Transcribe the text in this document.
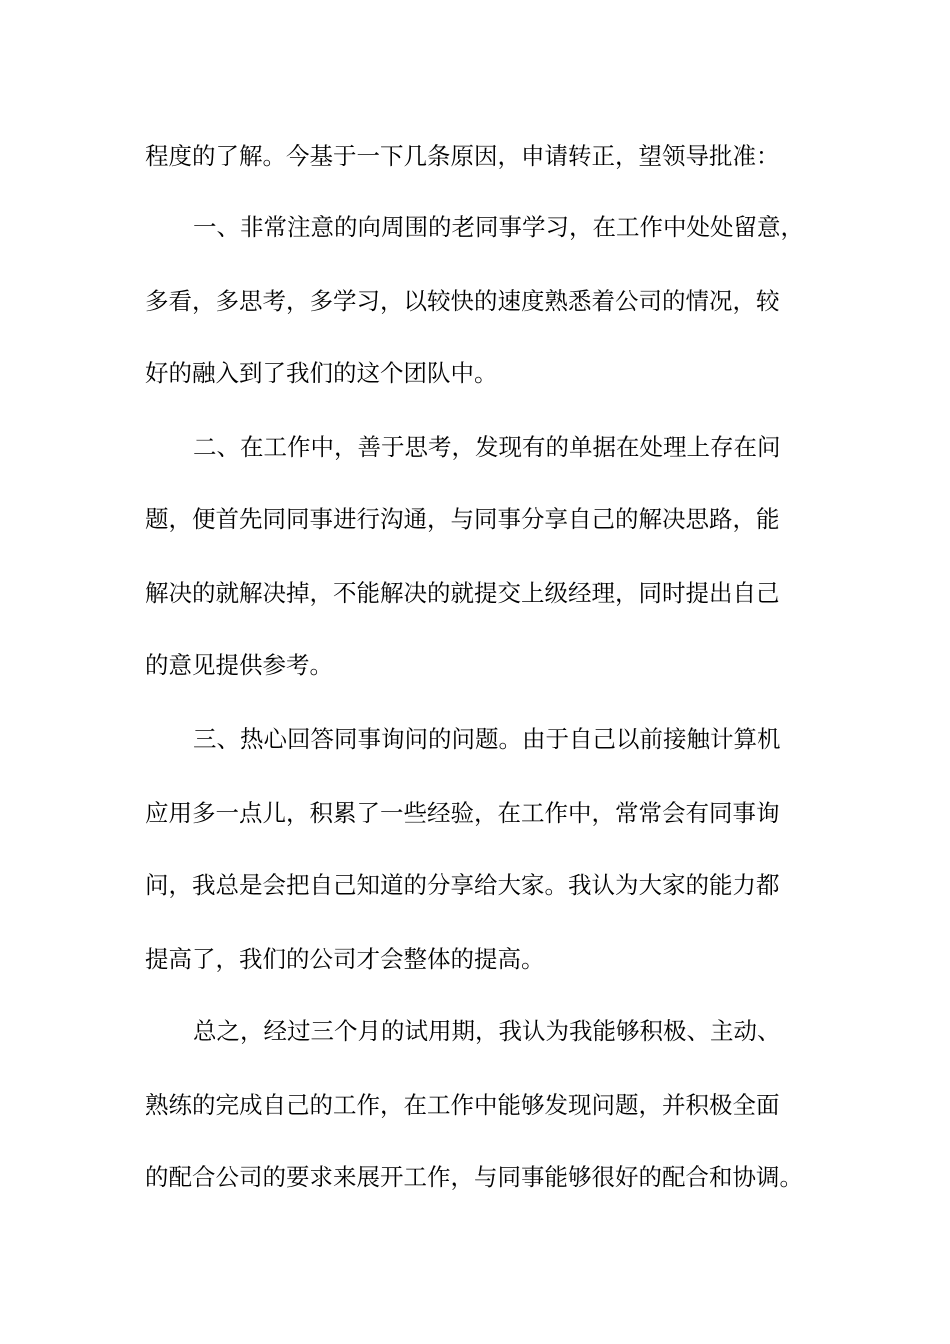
程度的了解。今基于一下几条原因，申请转正，望领导批准：
一、非常注意的向周围的老同事学习，在工作中处处留意，
多看，多思考，多学习，以较快的速度熟悉着公司的情况，较
好的融入到了我们的这个团队中。
二、在工作中，善于思考，发现有的单据在处理上存在问
题，便首先同同事进行沟通，与同事分享自己的解决思路，能
解决的就解决掉，不能解决的就提交上级经理，同时提出自己
的意见提供参考。
三、热心回答同事询问的问题。由于自己以前接触计算机
应用多一点儿，积累了一些经验，在工作中，常常会有同事询
问，我总是会把自己知道的分享给大家。我认为大家的能力都
提高了，我们的公司才会整体的提高。
总之，经过三个月的试用期，我认为我能够积极、主动、
熟练的完成自己的工作，在工作中能够发现问题，并积极全面
的配合公司的要求来展开工作，与同事能够很好的配合和协调。
